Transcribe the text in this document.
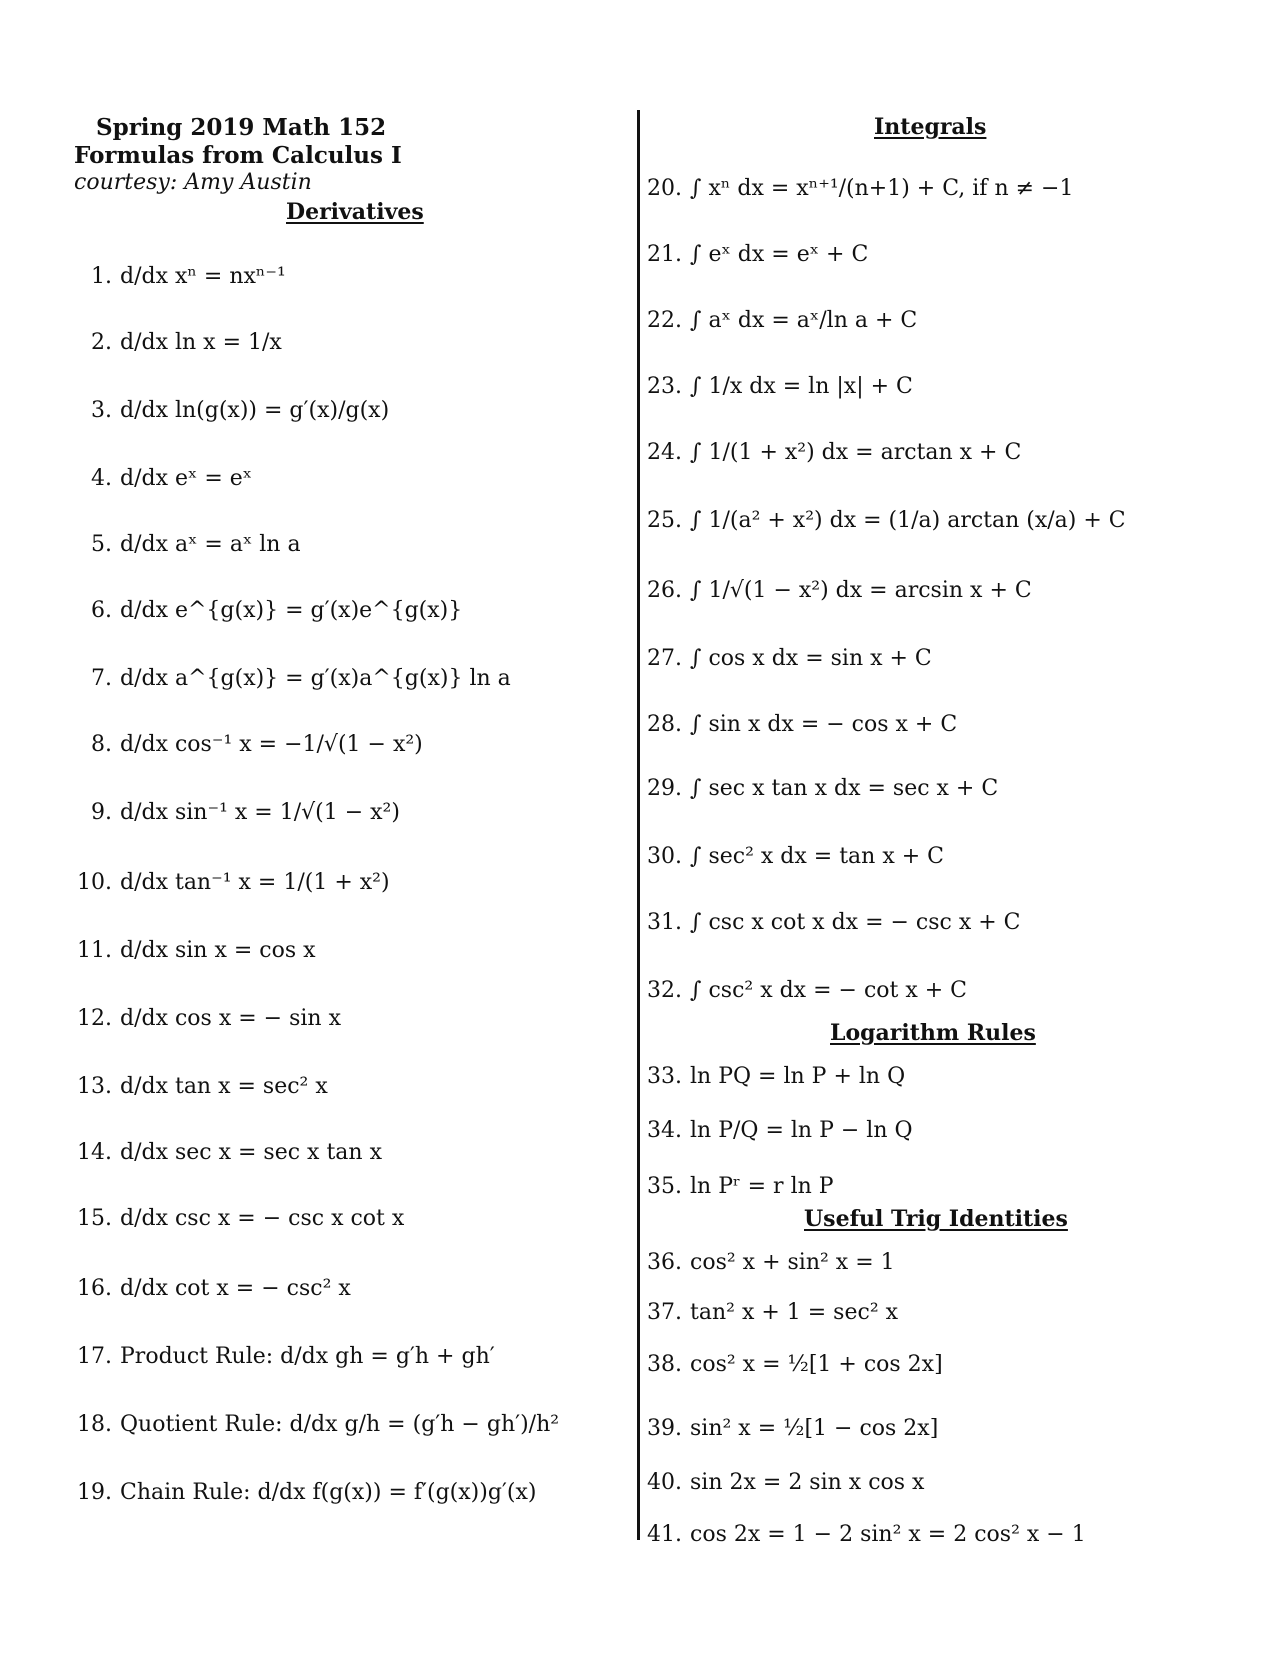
Spring 2019 Math 152
Formulas from Calculus I
courtesy: Amy Austin
Derivatives
Integrals
Logarithm Rules
Useful Trig Identities
1. d/dx xⁿ = nxⁿ⁻¹
2. d/dx ln x = 1/x
3. d/dx ln(g(x)) = g′(x)/g(x)
4. d/dx eˣ = eˣ
5. d/dx aˣ = aˣ ln a
6. d/dx e^{g(x)} = g′(x)e^{g(x)}
7. d/dx a^{g(x)} = g′(x)a^{g(x)} ln a
8. d/dx cos⁻¹ x = −1/√(1 − x²)
9. d/dx sin⁻¹ x = 1/√(1 − x²)
10. d/dx tan⁻¹ x = 1/(1 + x²)
11. d/dx sin x = cos x
12. d/dx cos x = − sin x
13. d/dx tan x = sec² x
14. d/dx sec x = sec x tan x
15. d/dx csc x = − csc x cot x
16. d/dx cot x = − csc² x
17. Product Rule: d/dx gh = g′h + gh′
18. Quotient Rule: d/dx g/h = (g′h − gh′)/h²
19. Chain Rule: d/dx f(g(x)) = f′(g(x))g′(x)
20. ∫ xⁿ dx = xⁿ⁺¹/(n+1) + C, if n ≠ −1
21. ∫ eˣ dx = eˣ + C
22. ∫ aˣ dx = aˣ/ln a + C
23. ∫ 1/x dx = ln |x| + C
24. ∫ 1/(1 + x²) dx = arctan x + C
25. ∫ 1/(a² + x²) dx = (1/a) arctan (x/a) + C
26. ∫ 1/√(1 − x²) dx = arcsin x + C
27. ∫ cos x dx = sin x + C
28. ∫ sin x dx = − cos x + C
29. ∫ sec x tan x dx = sec x + C
30. ∫ sec² x dx = tan x + C
31. ∫ csc x cot x dx = − csc x + C
32. ∫ csc² x dx = − cot x + C
33. ln PQ = ln P + ln Q
34. ln P/Q = ln P − ln Q
35. ln Pʳ = r ln P
36. cos² x + sin² x = 1
37. tan² x + 1 = sec² x
38. cos² x = ½[1 + cos 2x]
39. sin² x = ½[1 − cos 2x]
40. sin 2x = 2 sin x cos x
41. cos 2x = 1 − 2 sin² x = 2 cos² x − 1
